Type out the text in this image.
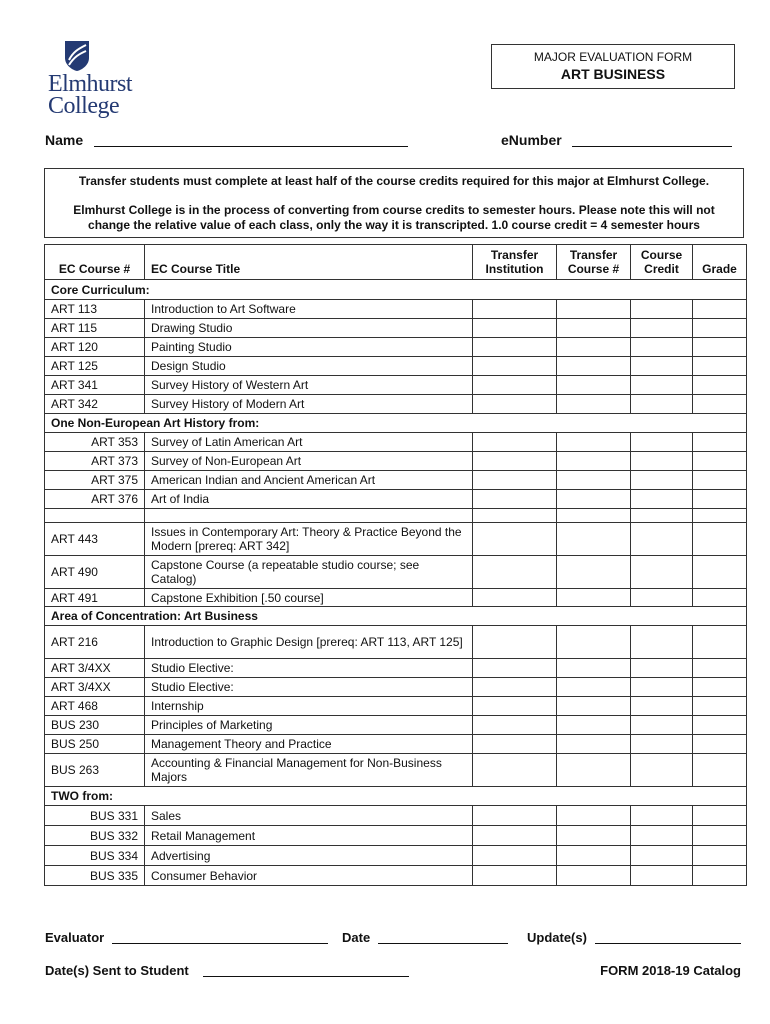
Elmhurst
College
MAJOR EVALUATION FORM
ART BUSINESS
Name	eNumber

Transfer students must complete at least half of the course credits required for this major at Elmhurst College.

Elmhurst College is in the process of converting from course credits to semester hours. Please note this will not change the relative value of each class, only the way it is transcripted. 1.0 course credit = 4 semester hours

EC Course #	EC Course Title	Transfer Institution	Transfer Course #	Course Credit	Grade
Core Curriculum:					
ART 113	Introduction to Art Software				
ART 115	Drawing Studio				
ART 120	Painting Studio				
ART 125	Design Studio				
ART 341	Survey History of Western Art				
ART 342	Survey History of Modern Art				
One Non-European Art History from:					
ART 353	Survey of Latin American Art				
ART 373	Survey of Non-European Art				
ART 375	American Indian and Ancient American Art				
ART 376	Art of India				

ART 443	Issues in Contemporary Art: Theory & Practice Beyond the Modern [prereq: ART 342]				
ART 490	Capstone Course (a repeatable studio course; see Catalog)				
ART 491	Capstone Exhibition [.50 course]				
Area of Concentration: Art Business					
ART 216	Introduction to Graphic Design [prereq: ART 113, ART 125]				
ART 3/4XX	Studio Elective:				
ART 3/4XX	Studio Elective:				
ART 468	Internship				
BUS 230	Principles of Marketing				
BUS 250	Management Theory and Practice				
BUS 263	Accounting & Financial Management for Non-Business Majors				
TWO from:					
BUS 331	Sales				
BUS 332	Retail Management				
BUS 334	Advertising				
BUS 335	Consumer Behavior				
Evaluator	Date	Update(s)
Date(s) Sent to Student	FORM 2018-19 Catalog
